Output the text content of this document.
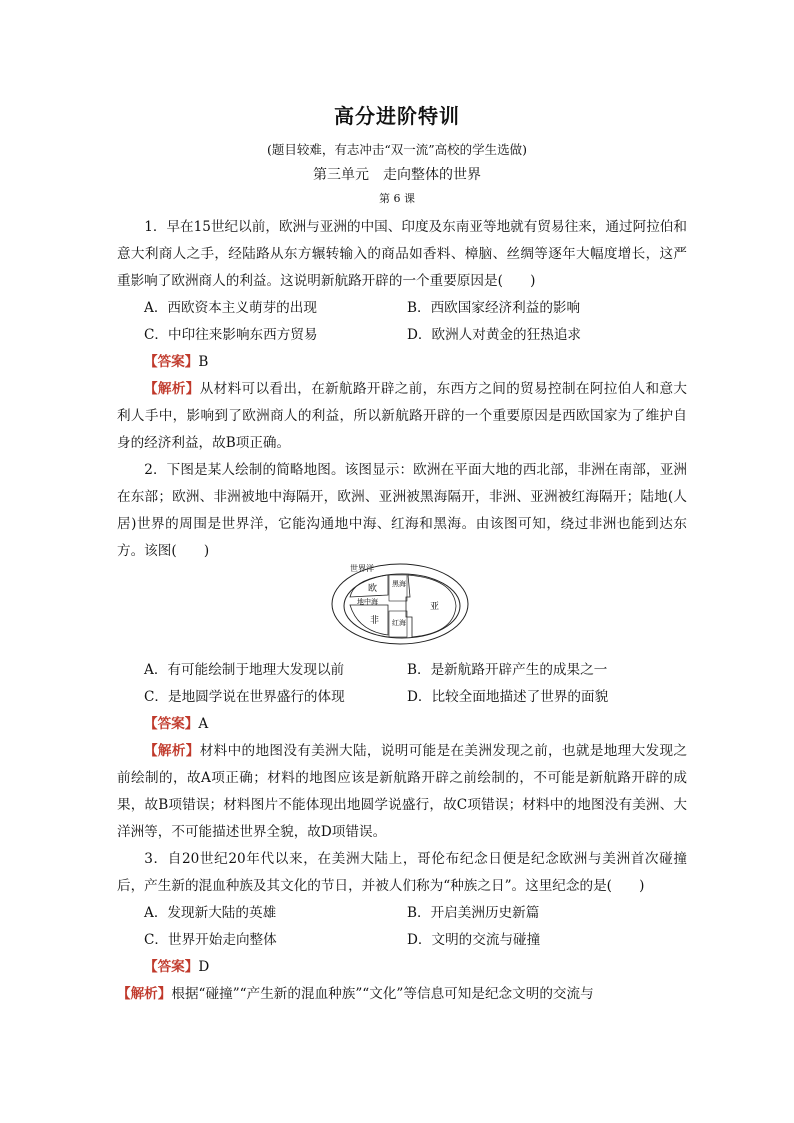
高分进阶特训
(题目较难，有志冲击“双一流”高校的学生选做)
第三单元　走向整体的世界
第 6 课

1．早在15世纪以前，欧洲与亚洲的中国、印度及东南亚等地就有贸易往来，通过阿拉伯和意大利商人之手，经陆路从东方辗转输入的商品如香料、樟脑、丝绸等逐年大幅度增长，这严重影响了欧洲商人的利益。这说明新航路开辟的一个重要原因是(　　)

A．西欧资本主义萌芽的出现	B．西欧国家经济利益的影响
C．中印往来影响东西方贸易	D．欧洲人对黄金的狂热追求

【答案】B

【解析】从材料可以看出，在新航路开辟之前，东西方之间的贸易控制在阿拉伯人和意大利人手中，影响到了欧洲商人的利益，所以新航路开辟的一个重要原因是西欧国家为了维护自身的经济利益，故B项正确。

2．下图是某人绘制的简略地图。该图显示：欧洲在平面大地的西北部，非洲在南部，亚洲在东部；欧洲、非洲被地中海隔开，欧洲、亚洲被黑海隔开，非洲、亚洲被红海隔开；陆地(人居)世界的周围是世界洋，它能沟通地中海、红海和黑海。由该图可知，绕过非洲也能到达东方。该图(　　)

世界洋
欧 黑海
亚
地中海
非 红海
A．有可能绘制于地理大发现以前	B．是新航路开辟产生的成果之一
C．是地圆学说在世界盛行的体现	D．比较全面地描述了世界的面貌

【答案】A

【解析】材料中的地图没有美洲大陆，说明可能是在美洲发现之前，也就是地理大发现之前绘制的，故A项正确；材料的地图应该是新航路开辟之前绘制的，不可能是新航路开辟的成果，故B项错误；材料图片不能体现出地圆学说盛行，故C项错误；材料中的地图没有美洲、大洋洲等，不可能描述世界全貌，故D项错误。

3．自20世纪20年代以来，在美洲大陆上，哥伦布纪念日便是纪念欧洲与美洲首次碰撞后，产生新的混血种族及其文化的节日，并被人们称为“种族之日”。这里纪念的是(　　)

A．发现新大陆的英雄	B．开启美洲历史新篇
C．世界开始走向整体	D．文明的交流与碰撞

【答案】D

【解析】根据“碰撞”“产生新的混血种族”“文化”等信息可知是纪念文明的交流与
